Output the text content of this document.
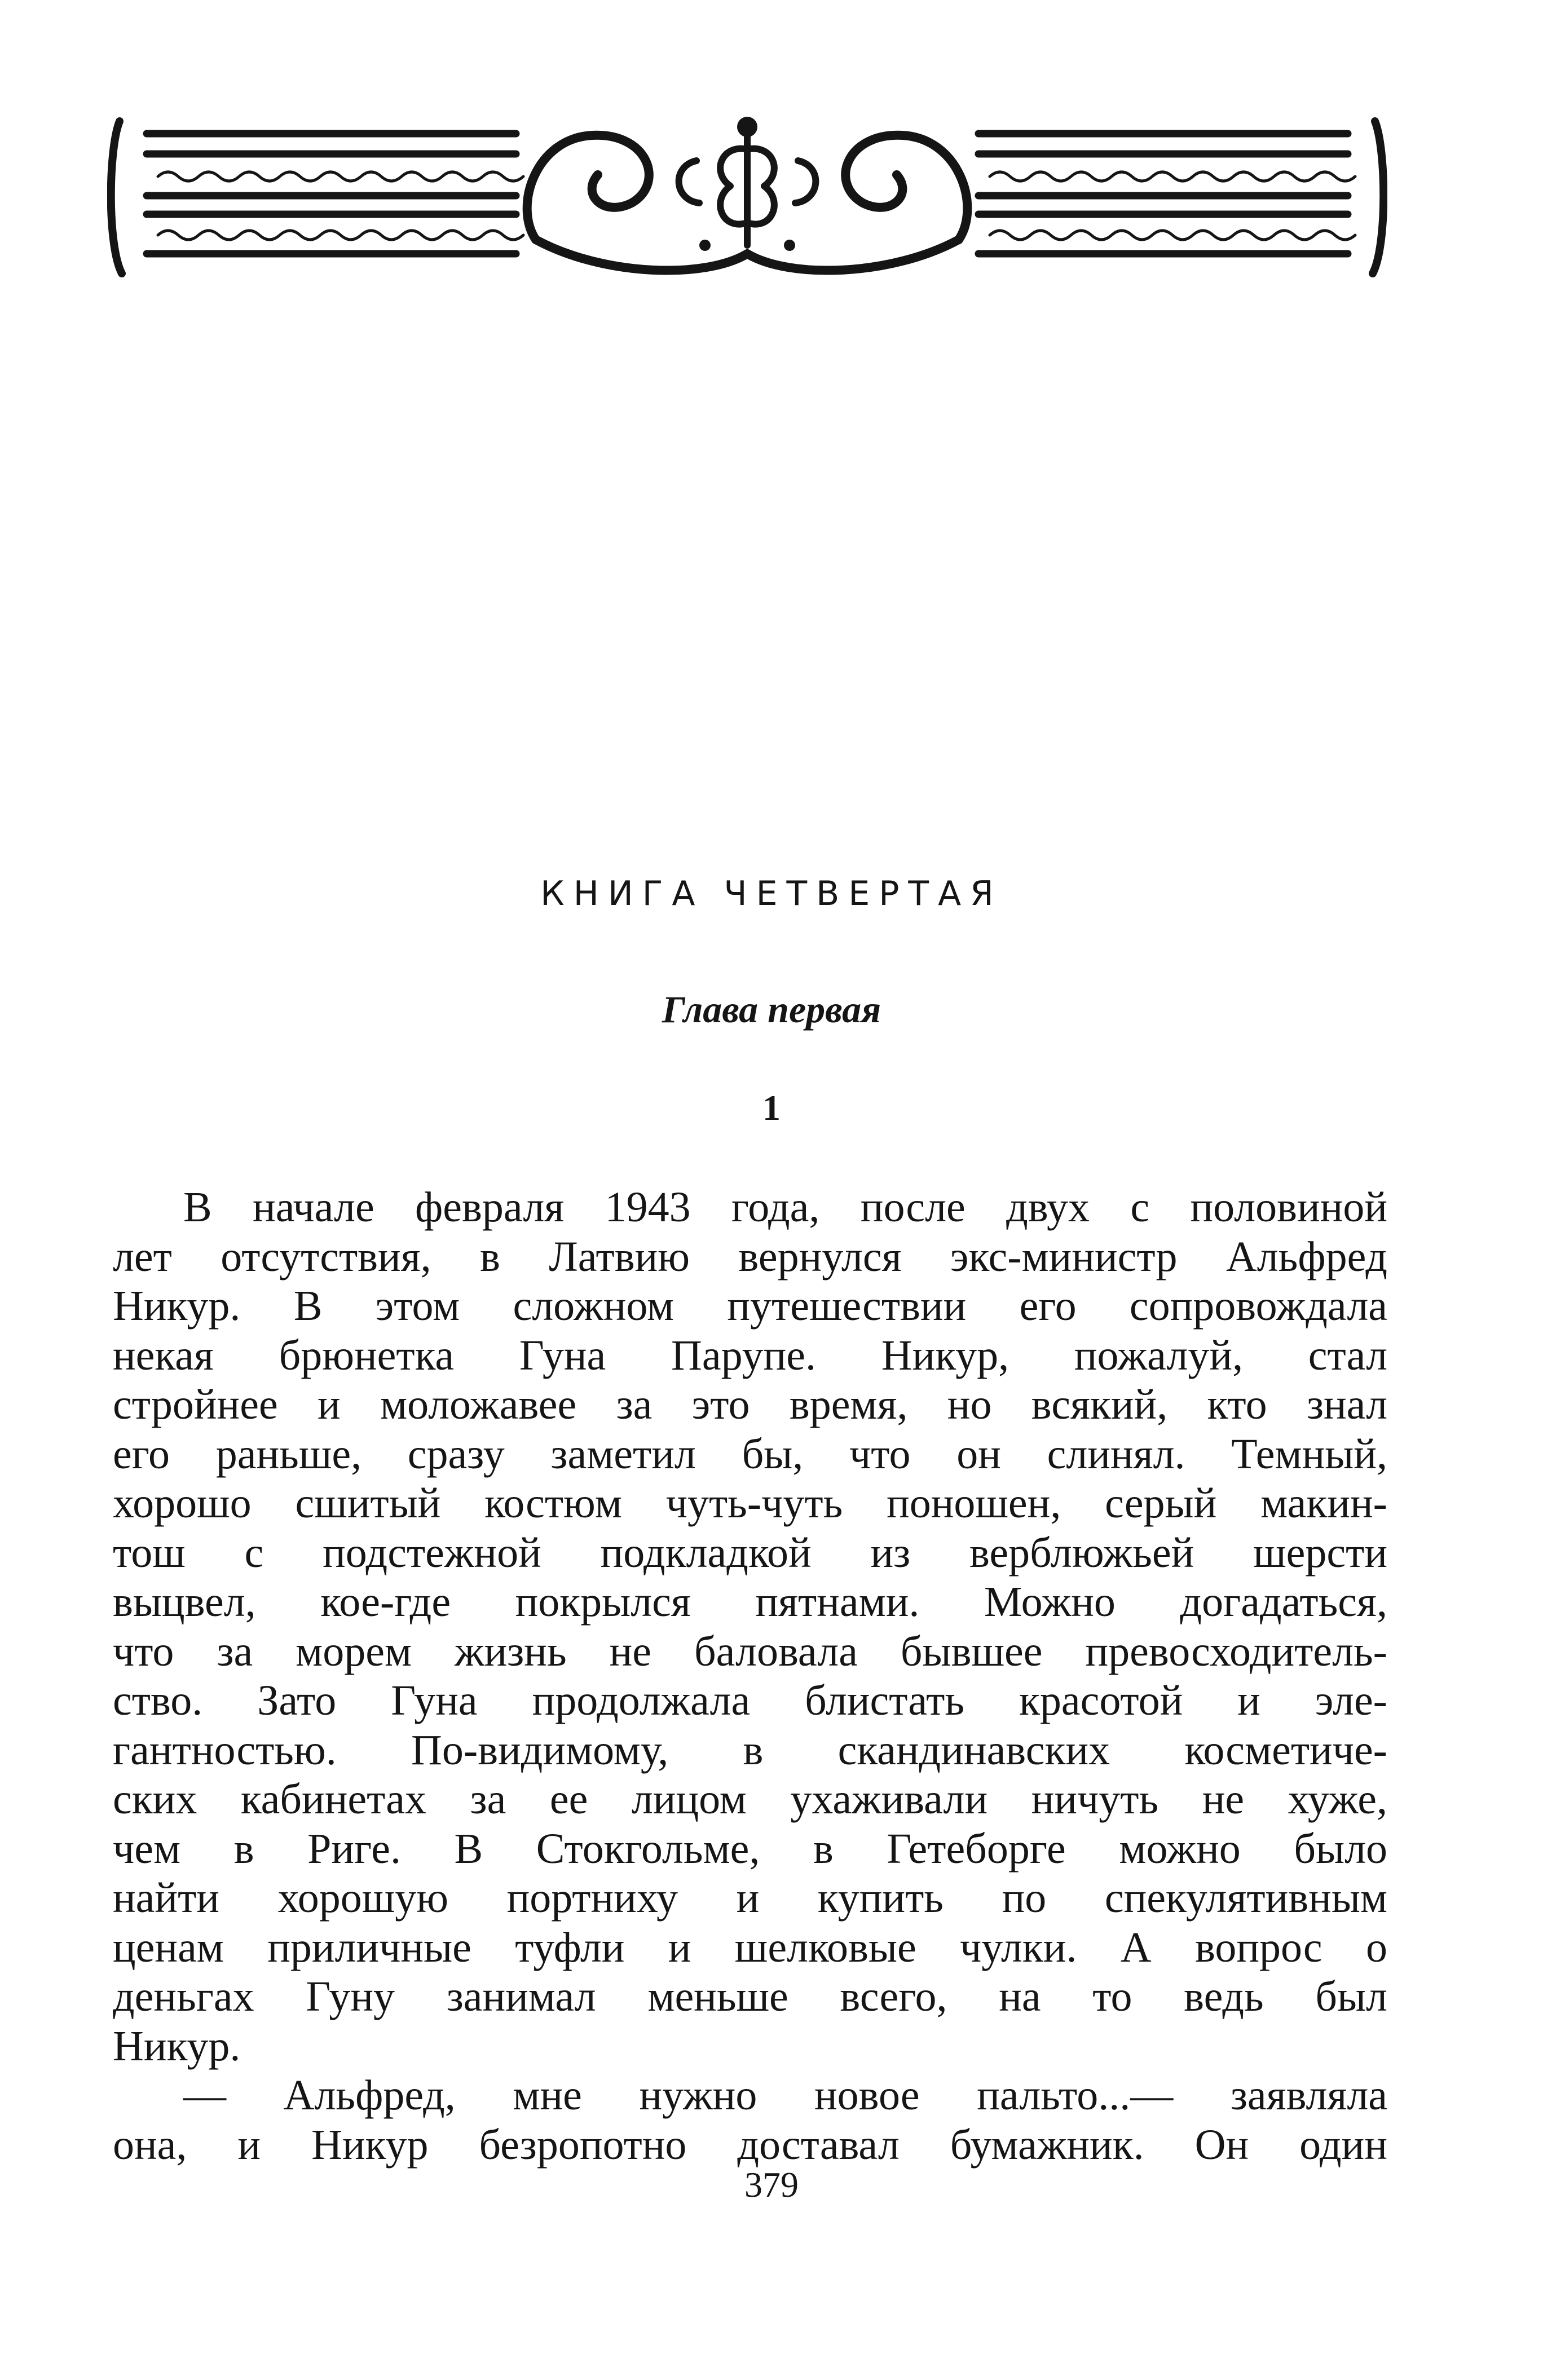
КНИГА ЧЕТВЕРТАЯ
Глава первая
1
В начале февраля 1943 года, после двух с половиной
лет отсутствия, в Латвию вернулся экс-министр Альфред
Никур. В этом сложном путешествии его сопровождала
некая брюнетка Гуна Парупе. Никур, пожалуй, стал
стройнее и моложавее за это время, но всякий, кто знал
его раньше, сразу заметил бы, что он слинял. Темный,
хорошо сшитый костюм чуть-чуть поношен, серый макин-
тош с подстежной подкладкой из верблюжьей шерсти
выцвел, кое-где покрылся пятнами. Можно догадаться,
что за морем жизнь не баловала бывшее превосходитель-
ство. Зато Гуна продолжала блистать красотой и эле-
гантностью. По-видимому, в скандинавских косметиче-
ских кабинетах за ее лицом ухаживали ничуть не хуже,
чем в Риге. В Стокгольме, в Гетеборге можно было
найти хорошую портниху и купить по спекулятивным
ценам приличные туфли и шелковые чулки. А вопрос о
деньгах Гуну занимал меньше всего, на то ведь был
Никур.
— Альфред, мне нужно новое пальто...— заявляла
она, и Никур безропотно доставал бумажник. Он один
379
